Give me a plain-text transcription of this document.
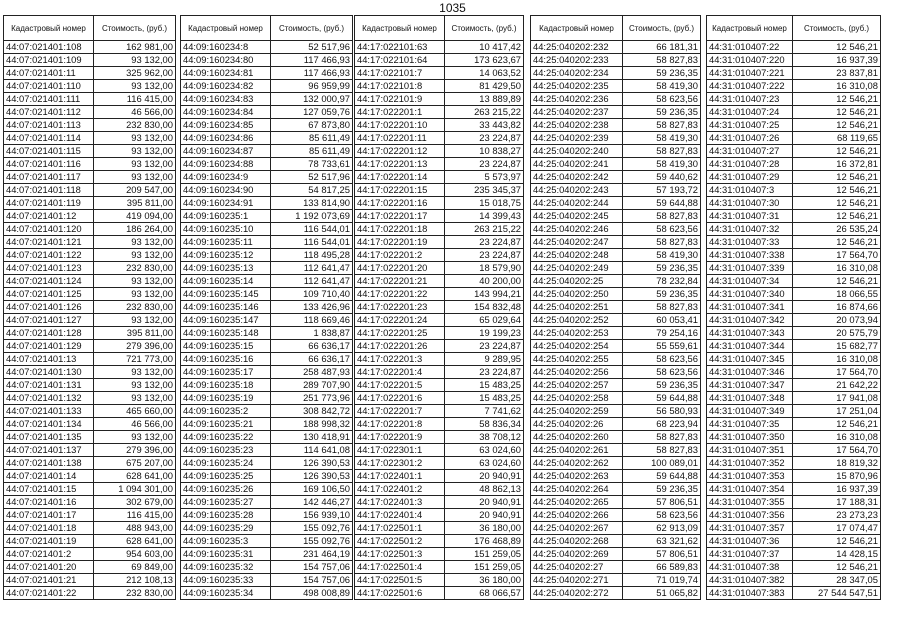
1035
Кадастровый номер	Стоимость, (руб.)
44:07:021401:108	162 981,00
44:07:021401:109	93 132,00
44:07:021401:11	325 962,00
44:07:021401:110	93 132,00
44:07:021401:111	116 415,00
44:07:021401:112	46 566,00
44:07:021401:113	232 830,00
44:07:021401:114	93 132,00
44:07:021401:115	93 132,00
44:07:021401:116	93 132,00
44:07:021401:117	93 132,00
44:07:021401:118	209 547,00
44:07:021401:119	395 811,00
44:07:021401:12	419 094,00
44:07:021401:120	186 264,00
44:07:021401:121	93 132,00
44:07:021401:122	93 132,00
44:07:021401:123	232 830,00
44:07:021401:124	93 132,00
44:07:021401:125	93 132,00
44:07:021401:126	232 830,00
44:07:021401:127	93 132,00
44:07:021401:128	395 811,00
44:07:021401:129	279 396,00
44:07:021401:13	721 773,00
44:07:021401:130	93 132,00
44:07:021401:131	93 132,00
44:07:021401:132	93 132,00
44:07:021401:133	465 660,00
44:07:021401:134	46 566,00
44:07:021401:135	93 132,00
44:07:021401:137	279 396,00
44:07:021401:138	675 207,00
44:07:021401:14	628 641,00
44:07:021401:15	1 094 301,00
44:07:021401:16	302 679,00
44:07:021401:17	116 415,00
44:07:021401:18	488 943,00
44:07:021401:19	628 641,00
44:07:021401:2	954 603,00
44:07:021401:20	69 849,00
44:07:021401:21	212 108,13
44:07:021401:22	232 830,00
Кадастровый номер	Стоимость, (руб.)
44:09:160234:8	52 517,96
44:09:160234:80	117 466,93
44:09:160234:81	117 466,93
44:09:160234:82	96 959,99
44:09:160234:83	132 000,97
44:09:160234:84	127 059,76
44:09:160234:85	67 873,80
44:09:160234:86	85 611,49
44:09:160234:87	85 611,49
44:09:160234:88	78 733,61
44:09:160234:9	52 517,96
44:09:160234:90	54 817,25
44:09:160234:91	133 814,90
44:09:160235:1	1 192 073,69
44:09:160235:10	116 544,01
44:09:160235:11	116 544,01
44:09:160235:12	118 495,28
44:09:160235:13	112 641,47
44:09:160235:14	112 641,47
44:09:160235:145	109 710,40
44:09:160235:146	133 426,96
44:09:160235:147	118 669,46
44:09:160235:148	1 838,87
44:09:160235:15	66 636,17
44:09:160235:16	66 636,17
44:09:160235:17	258 487,93
44:09:160235:18	289 707,90
44:09:160235:19	251 773,96
44:09:160235:2	308 842,72
44:09:160235:21	188 998,32
44:09:160235:22	130 418,91
44:09:160235:23	114 641,08
44:09:160235:24	126 390,53
44:09:160235:25	126 390,53
44:09:160235:26	169 106,50
44:09:160235:27	142 446,27
44:09:160235:28	156 939,10
44:09:160235:29	155 092,76
44:09:160235:3	155 092,76
44:09:160235:31	231 464,19
44:09:160235:32	154 757,06
44:09:160235:33	154 757,06
44:09:160235:34	498 008,89
Кадастровый номер	Стоимость, (руб.)
44:17:022101:63	10 417,42
44:17:022101:64	173 623,67
44:17:022101:7	14 063,52
44:17:022101:8	81 429,50
44:17:022101:9	13 889,89
44:17:022201:1	263 215,22
44:17:022201:10	33 443,82
44:17:022201:11	23 224,87
44:17:022201:12	10 838,27
44:17:022201:13	23 224,87
44:17:022201:14	5 573,97
44:17:022201:15	235 345,37
44:17:022201:16	15 018,75
44:17:022201:17	14 399,43
44:17:022201:18	263 215,22
44:17:022201:19	23 224,87
44:17:022201:2	23 224,87
44:17:022201:20	18 579,90
44:17:022201:21	40 200,00
44:17:022201:22	143 994,21
44:17:022201:23	154 832,48
44:17:022201:24	65 029,64
44:17:022201:25	19 199,23
44:17:022201:26	23 224,87
44:17:022201:3	9 289,95
44:17:022201:4	23 224,87
44:17:022201:5	15 483,25
44:17:022201:6	15 483,25
44:17:022201:7	7 741,62
44:17:022201:8	58 836,34
44:17:022201:9	38 708,12
44:17:022301:1	63 024,60
44:17:022301:2	63 024,60
44:17:022401:1	20 940,91
44:17:022401:2	48 862,13
44:17:022401:3	20 940,91
44:17:022401:4	20 940,91
44:17:022501:1	36 180,00
44:17:022501:2	176 468,89
44:17:022501:3	151 259,05
44:17:022501:4	151 259,05
44:17:022501:5	36 180,00
44:17:022501:6	68 066,57
Кадастровый номер	Стоимость, (руб.)
44:25:040202:232	66 181,31
44:25:040202:233	58 827,83
44:25:040202:234	59 236,35
44:25:040202:235	58 419,30
44:25:040202:236	58 623,56
44:25:040202:237	59 236,35
44:25:040202:238	58 827,83
44:25:040202:239	58 419,30
44:25:040202:240	58 827,83
44:25:040202:241	58 419,30
44:25:040202:242	59 440,62
44:25:040202:243	57 193,72
44:25:040202:244	59 644,88
44:25:040202:245	58 827,83
44:25:040202:246	58 623,56
44:25:040202:247	58 827,83
44:25:040202:248	58 419,30
44:25:040202:249	59 236,35
44:25:040202:25	78 232,84
44:25:040202:250	59 236,35
44:25:040202:251	58 827,83
44:25:040202:252	60 053,41
44:25:040202:253	79 254,16
44:25:040202:254	55 559,61
44:25:040202:255	58 623,56
44:25:040202:256	58 623,56
44:25:040202:257	59 236,35
44:25:040202:258	59 644,88
44:25:040202:259	56 580,93
44:25:040202:26	68 223,94
44:25:040202:260	58 827,83
44:25:040202:261	58 827,83
44:25:040202:262	100 089,01
44:25:040202:263	59 644,88
44:25:040202:264	59 236,35
44:25:040202:265	57 806,51
44:25:040202:266	58 623,56
44:25:040202:267	62 913,09
44:25:040202:268	63 321,62
44:25:040202:269	57 806,51
44:25:040202:27	66 589,83
44:25:040202:271	71 019,74
44:25:040202:272	51 065,82
Кадастровый номер	Стоимость, (руб.)
44:31:010407:22	12 546,21
44:31:010407:220	16 937,39
44:31:010407:221	23 837,81
44:31:010407:222	16 310,08
44:31:010407:23	12 546,21
44:31:010407:24	12 546,21
44:31:010407:25	12 546,21
44:31:010407:26	68 119,65
44:31:010407:27	12 546,21
44:31:010407:28	16 372,81
44:31:010407:29	12 546,21
44:31:010407:3	12 546,21
44:31:010407:30	12 546,21
44:31:010407:31	12 546,21
44:31:010407:32	26 535,24
44:31:010407:33	12 546,21
44:31:010407:338	17 564,70
44:31:010407:339	16 310,08
44:31:010407:34	12 546,21
44:31:010407:340	18 066,55
44:31:010407:341	16 874,66
44:31:010407:342	20 073,94
44:31:010407:343	20 575,79
44:31:010407:344	15 682,77
44:31:010407:345	16 310,08
44:31:010407:346	17 564,70
44:31:010407:347	21 642,22
44:31:010407:348	17 941,08
44:31:010407:349	17 251,04
44:31:010407:35	12 546,21
44:31:010407:350	16 310,08
44:31:010407:351	17 564,70
44:31:010407:352	18 819,32
44:31:010407:353	15 870,96
44:31:010407:354	16 937,39
44:31:010407:355	17 188,31
44:31:010407:356	23 273,23
44:31:010407:357	17 074,47
44:31:010407:36	12 546,21
44:31:010407:37	14 428,15
44:31:010407:38	12 546,21
44:31:010407:382	28 347,05
44:31:010407:383	27 544 547,51
